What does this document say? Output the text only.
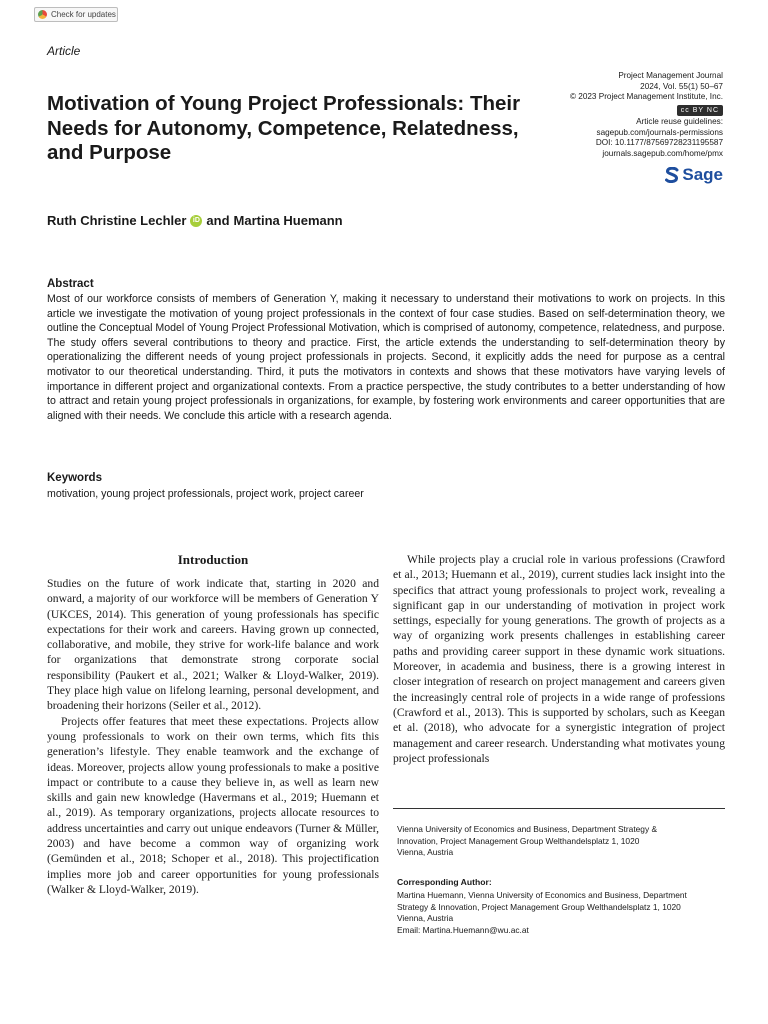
Check for updates
Article
Motivation of Young Project Professionals: Their Needs for Autonomy, Competence, Relatedness, and Purpose
Project Management Journal
2024, Vol. 55(1) 50–67
© 2023 Project Management Institute, Inc.
cc BY NC
Article reuse guidelines:
sagepub.com/journals-permissions
DOI: 10.1177/87569728231195587
journals.sagepub.com/home/pmx
Sage
Ruth Christine Lechler iD and Martina Huemann
Abstract

Most of our workforce consists of members of Generation Y, making it necessary to understand their motivations to work on projects. In this article we investigate the motivation of young project professionals in the context of four case studies. Based on self-determination theory, we outline the Conceptual Model of Young Project Professional Motivation, which is comprised of autonomy, competence, relatedness, and purpose. The study offers several contributions to theory and practice. First, the article extends the understanding to self-determination theory by operationalizing the different needs of young project professionals in projects. Second, it explicitly adds the need for purpose as a central motivator to our theoretical understanding. Third, it puts the motivators in contexts and shows that these motivators have varying levels of importance in different project and organizational contexts. From a practice perspective, the study contributes to a better understanding of how to attract and retain young project professionals in organizations, for example, by fostering work environments and career opportunities that are aligned with their needs. We conclude this article with a research agenda.

Keywords
motivation, young project professionals, project work, project career
Introduction

Studies on the future of work indicate that, starting in 2020 and onward, a majority of our workforce will be members of Generation Y (UKCES, 2014). This generation of young professionals has specific expectations for their work and careers. Having grown up connected, collaborative, and mobile, they strive for work-life balance and work for organizations that demonstrate strong corporate social responsibility (Paukert et al., 2021; Walker & Lloyd-Walker, 2019). They place high value on lifelong learning, personal development, and broadening their horizons (Seiler et al., 2012).

Projects offer features that meet these expectations. Projects allow young professionals to work on their own terms, which fits this generation’s lifestyle. They enable teamwork and the exchange of ideas. Moreover, projects allow young professionals to make a positive impact or contribute to a cause they believe in, as well as learn new skills and gain new knowledge (Havermans et al., 2019; Huemann et al., 2019). As temporary organizations, projects allocate resources to address uncertainties and carry out unique endeavors (Turner & Müller, 2003) and have become a common way of organizing work (Gemünden et al., 2018; Schoper et al., 2018). This projectification implies more job and career opportunities for young professionals (Walker & Lloyd-Walker, 2019).

While projects play a crucial role in various professions (Crawford et al., 2013; Huemann et al., 2019), current studies lack insight into the specifics that attract young professionals to project work, revealing a significant gap in our understanding of motivation in project work settings, especially for young generations. The growth of projects as a way of organizing work presents challenges in establishing career paths and providing career support in these dynamic work situations. Moreover, in academia and business, there is a growing interest in closer integration of research on project management and careers given the increasingly central role of projects in a wide range of professions (Crawford et al., 2013). This is supported by scholars, such as Keegan et al. (2018), who advocate for a synergistic integration of project management and career research. Understanding what motivates young project professionals

Vienna University of Economics and Business, Department Strategy &
Innovation, Project Management Group Welthandelsplatz 1, 1020
Vienna, Austria
Corresponding Author:
Martina Huemann, Vienna University of Economics and Business, Department
Strategy & Innovation, Project Management Group Welthandelsplatz 1, 1020
Vienna, Austria
Email: Martina.Huemann@wu.ac.at
